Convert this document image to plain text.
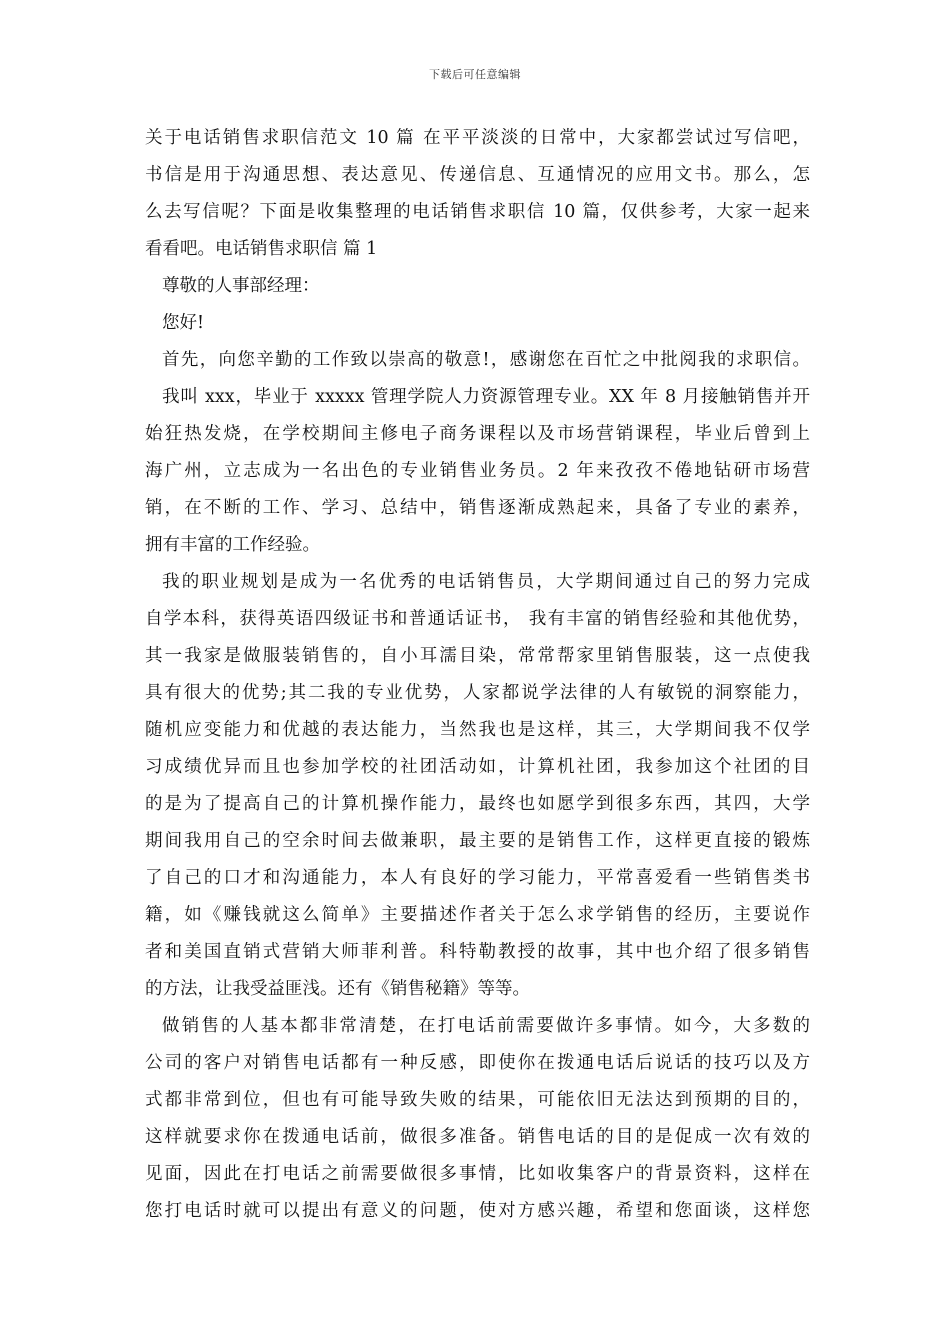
下载后可任意编辑
关于电话销售求职信范文 10 篇 在平平淡淡的日常中，大家都尝试过写信吧，
书信是用于沟通思想、表达意见、传递信息、互通情况的应用文书。那么，怎
么去写信呢？下面是收集整理的电话销售求职信 10 篇，仅供参考，大家一起来
看看吧。电话销售求职信 篇 1
尊敬的人事部经理：
您好!
首先，向您辛勤的工作致以崇高的敬意!，感谢您在百忙之中批阅我的求职信。
我叫 xxx，毕业于 xxxxx 管理学院人力资源管理专业。XX 年 8 月接触销售并开
始狂热发烧，在学校期间主修电子商务课程以及市场营销课程，毕业后曾到上
海广州，立志成为一名出色的专业销售业务员。2 年来孜孜不倦地钻研市场营
销，在不断的工作、学习、总结中，销售逐渐成熟起来，具备了专业的素养，
拥有丰富的工作经验。
我的职业规划是成为一名优秀的电话销售员，大学期间通过自己的努力完成
自学本科，获得英语四级证书和普通话证书， 我有丰富的销售经验和其他优势，
其一我家是做服装销售的，自小耳濡目染，常常帮家里销售服装，这一点使我
具有很大的优势;其二我的专业优势，人家都说学法律的人有敏锐的洞察能力，
随机应变能力和优越的表达能力，当然我也是这样，其三，大学期间我不仅学
习成绩优异而且也参加学校的社团活动如，计算机社团，我参加这个社团的目
的是为了提高自己的计算机操作能力，最终也如愿学到很多东西，其四，大学
期间我用自己的空余时间去做兼职，最主要的是销售工作，这样更直接的锻炼
了自己的口才和沟通能力，本人有良好的学习能力，平常喜爱看一些销售类书
籍，如《赚钱就这么简单》主要描述作者关于怎么求学销售的经历，主要说作
者和美国直销式营销大师菲利普。科特勒教授的故事，其中也介绍了很多销售
的方法，让我受益匪浅。还有《销售秘籍》等等。
做销售的人基本都非常清楚，在打电话前需要做许多事情。如今，大多数的
公司的客户对销售电话都有一种反感，即使你在拨通电话后说话的技巧以及方
式都非常到位，但也有可能导致失败的结果，可能依旧无法达到预期的目的，
这样就要求你在拨通电话前，做很多准备。销售电话的目的是促成一次有效的
见面，因此在打电话之前需要做很多事情，比如收集客户的背景资料，这样在
您打电话时就可以提出有意义的问题，使对方感兴趣，希望和您面谈，这样您
